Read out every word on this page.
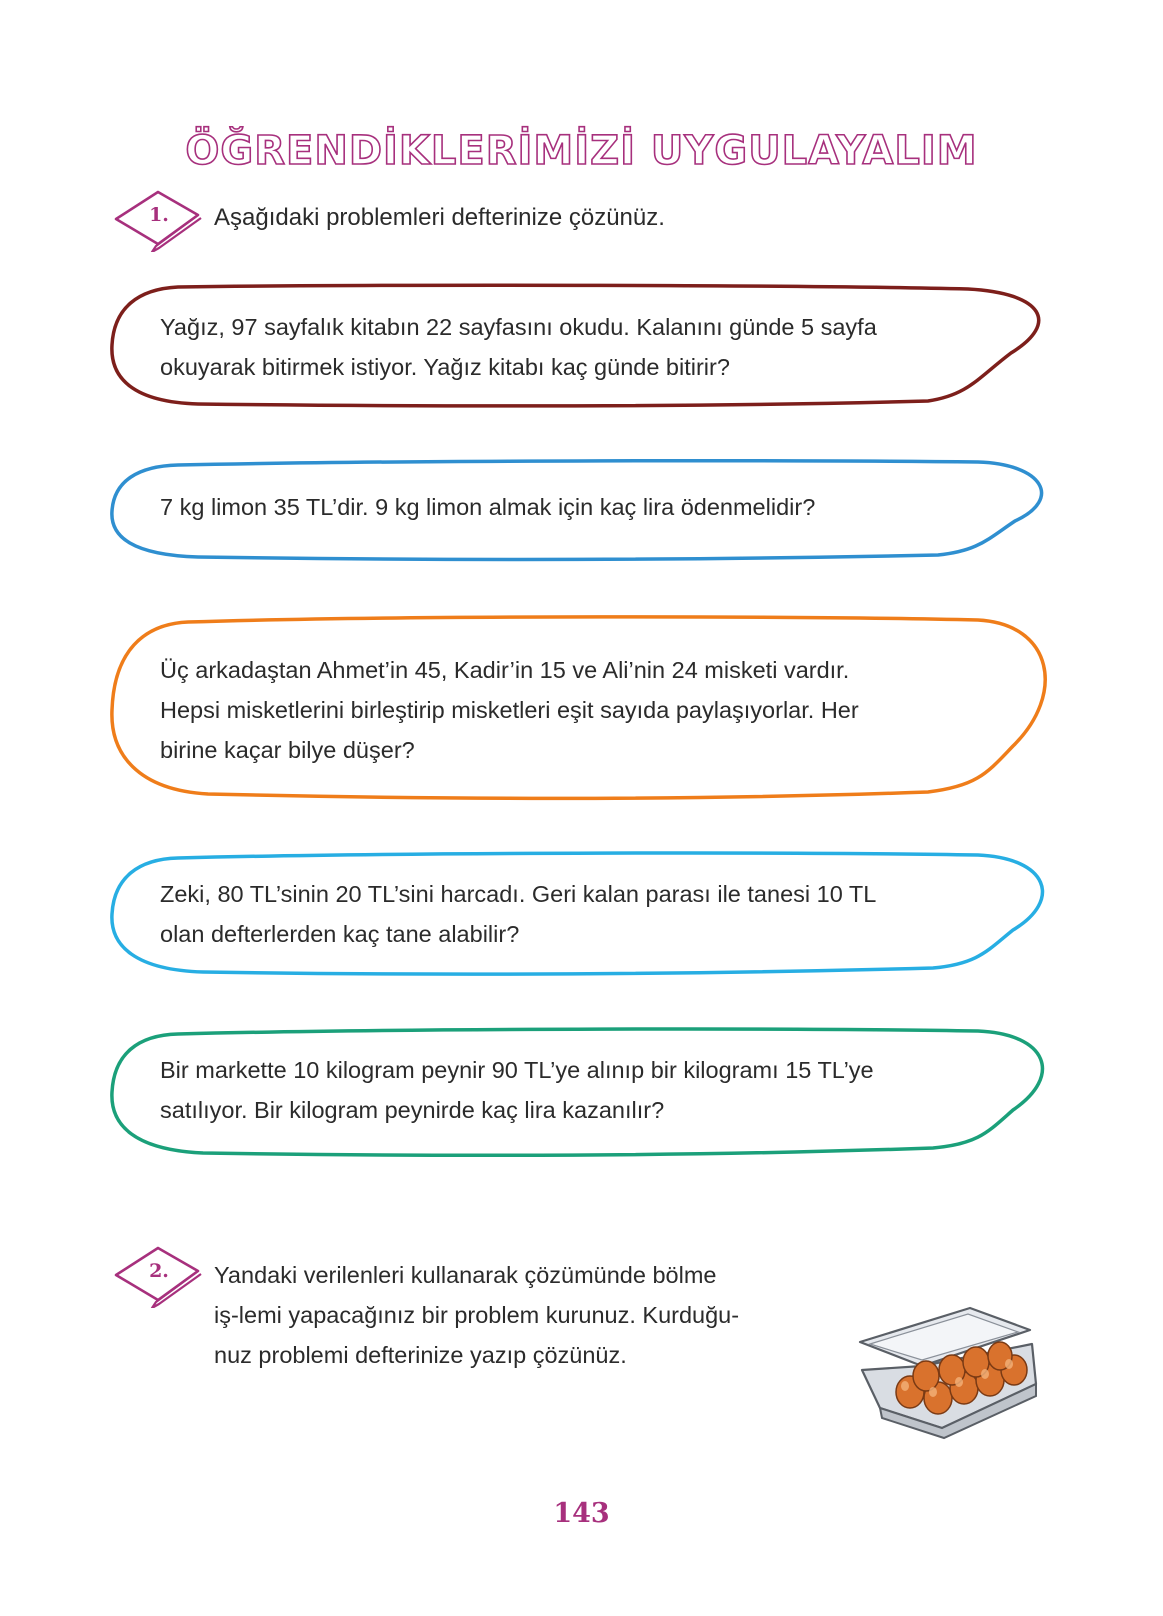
ÖĞRENDİKLERİMİZİ UYGULAYALIM
1. Aşağıdaki problemleri defterinize çözünüz.
Yağız, 97 sayfalık kitabın 22 sayfasını okudu. Kalanını günde 5 sayfa
okuyarak bitirmek istiyor. Yağız kitabı kaç günde bitirir?
7 kg limon 35 TL’dir. 9 kg limon almak için kaç lira ödenmelidir?
Üç arkadaştan Ahmet’in 45, Kadir’in 15 ve Ali’nin 24 misketi vardır.
Hepsi misketlerini birleştirip misketleri eşit sayıda paylaşıyorlar. Her
birine kaçar bilye düşer?
Zeki, 80 TL’sinin 20 TL’sini harcadı. Geri kalan parası ile tanesi 10 TL
olan defterlerden kaç tane alabilir?
Bir markette 10 kilogram peynir 90 TL’ye alınıp bir kilogramı 15 TL’ye
satılıyor. Bir kilogram peynirde kaç lira kazanılır?
2. Yandaki verilenleri kullanarak çözümünde bölme
iş-lemi yapacağınız bir problem kurunuz. Kurduğu-
nuz problemi defterinize yazıp çözünüz.
143
